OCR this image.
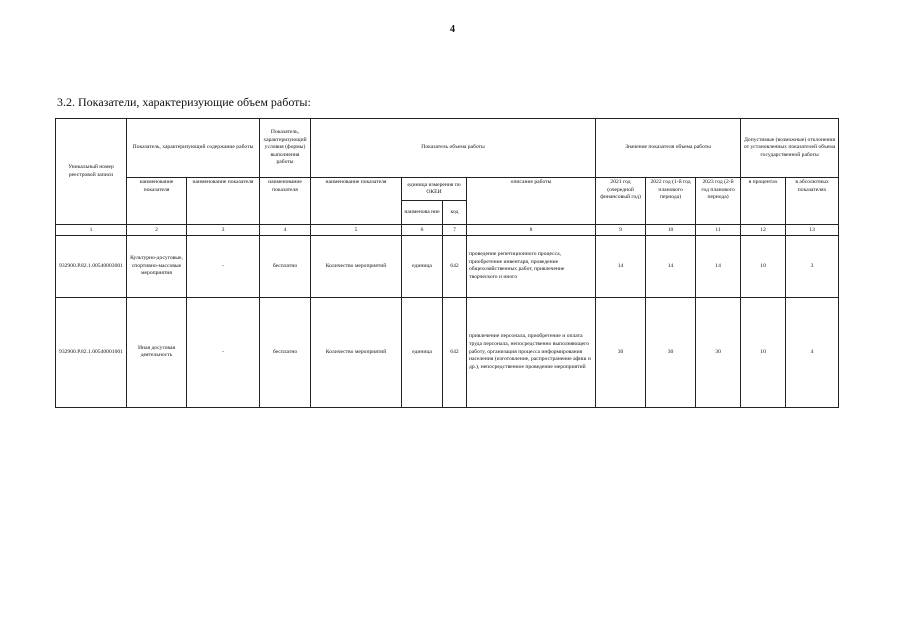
4
3.2. Показатели, характеризующие объем работы:
Уникальный номер реестровой записи	Показатель, характеризующий содержание работы		Показатель, характеризующий условия (формы) выполнения работы	Показатель объема работы				Значение показателя объема работы			Допустимые (возможные) отклонения от установленных показателей объема государственной работы	
	наименование показателя	наименование показателя	наименование показателя	наименование показателя	единица измерения по ОКЕИ		описание работы	2021 год (очередной финансовый год)	2022 год (1-й год планового периода)	2023 год (2-й год планового периода)	в процентах	в абсолютных показателях
					наименова ние	код						
1	2	3	4	5	6	7	8	9	10	11	12	13
932900.Р.82.1.00540003001	Культурно-досуговые, спортивно-массовые мероприятия	-	бесплатно	Количество мероприятий	единица	642	проведение репетиционного процесса, приобретение инвентаря, проведение общехозяйственных работ, привлечение творческого и иного	14	14	14	10	3
932900.Р.82.1.00540001001	Иная досуговая деятельность	-	бесплатно	Количество мероприятий	единица	642	привлечение персонала, приобретение и оплата труда персонала, непосредственно выполняющего работу, организация процесса информирования населения (изготовление, распространение афиш и др.), непосредственное проведение мероприятий	30	30	30	10	4
